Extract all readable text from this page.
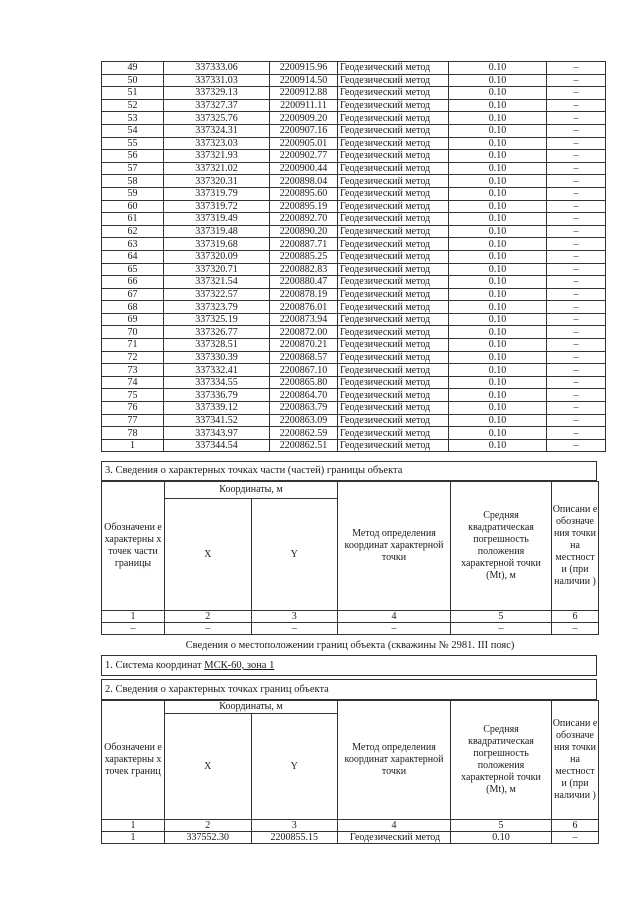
49	337333.06	2200915.96	Геодезический метод	0.10	–
50	337331.03	2200914.50	Геодезический метод	0.10	–
51	337329.13	2200912.88	Геодезический метод	0.10	–
52	337327.37	2200911.11	Геодезический метод	0.10	–
53	337325.76	2200909.20	Геодезический метод	0.10	–
54	337324.31	2200907.16	Геодезический метод	0.10	–
55	337323.03	2200905.01	Геодезический метод	0.10	–
56	337321.93	2200902.77	Геодезический метод	0.10	–
57	337321.02	2200900.44	Геодезический метод	0.10	–
58	337320.31	2200898.04	Геодезический метод	0.10	–
59	337319.79	2200895.60	Геодезический метод	0.10	–
60	337319.72	2200895.19	Геодезический метод	0.10	–
61	337319.49	2200892.70	Геодезический метод	0.10	–
62	337319.48	2200890.20	Геодезический метод	0.10	–
63	337319.68	2200887.71	Геодезический метод	0.10	–
64	337320.09	2200885.25	Геодезический метод	0.10	–
65	337320.71	2200882.83	Геодезический метод	0.10	–
66	337321.54	2200880.47	Геодезический метод	0.10	–
67	337322.57	2200878.19	Геодезический метод	0.10	–
68	337323.79	2200876.01	Геодезический метод	0.10	–
69	337325.19	2200873.94	Геодезический метод	0.10	–
70	337326.77	2200872.00	Геодезический метод	0.10	–
71	337328.51	2200870.21	Геодезический метод	0.10	–
72	337330.39	2200868.57	Геодезический метод	0.10	–
73	337332.41	2200867.10	Геодезический метод	0.10	–
74	337334.55	2200865.80	Геодезический метод	0.10	–
75	337336.79	2200864.70	Геодезический метод	0.10	–
76	337339.12	2200863.79	Геодезический метод	0.10	–
77	337341.52	2200863.09	Геодезический метод	0.10	–
78	337343.97	2200862.59	Геодезический метод	0.10	–
1	337344.54	2200862.51	Геодезический метод	0.10	–
3. Сведения о характерных точках части (частей) границы объекта
Обозначени е характерны х точек части границы	Координаты, м		Метод определения координат характерной точки	Средняя квадратическая погрешность положения характерной точки (Mt), м	Описани е обозначе ния точки на местност и (при наличии )
	X	Y			
1	2	3	4	5	6
–	–	–	–	–	–
Сведения о местоположении границ объекта (скважины № 2981. III пояс)
1. Система координат МСК-60, зона 1
2. Сведения о характерных точках границ объекта
Обозначени е характерны х точек границ	Координаты, м		Метод определения координат характерной точки	Средняя квадратическая погрешность положения характерной точки (Mt), м	Описани е обозначе ния точки на местност и (при наличии )
	X	Y			
1	2	3	4	5	6
1	337552.30	2200855.15	Геодезический метод	0.10	–
